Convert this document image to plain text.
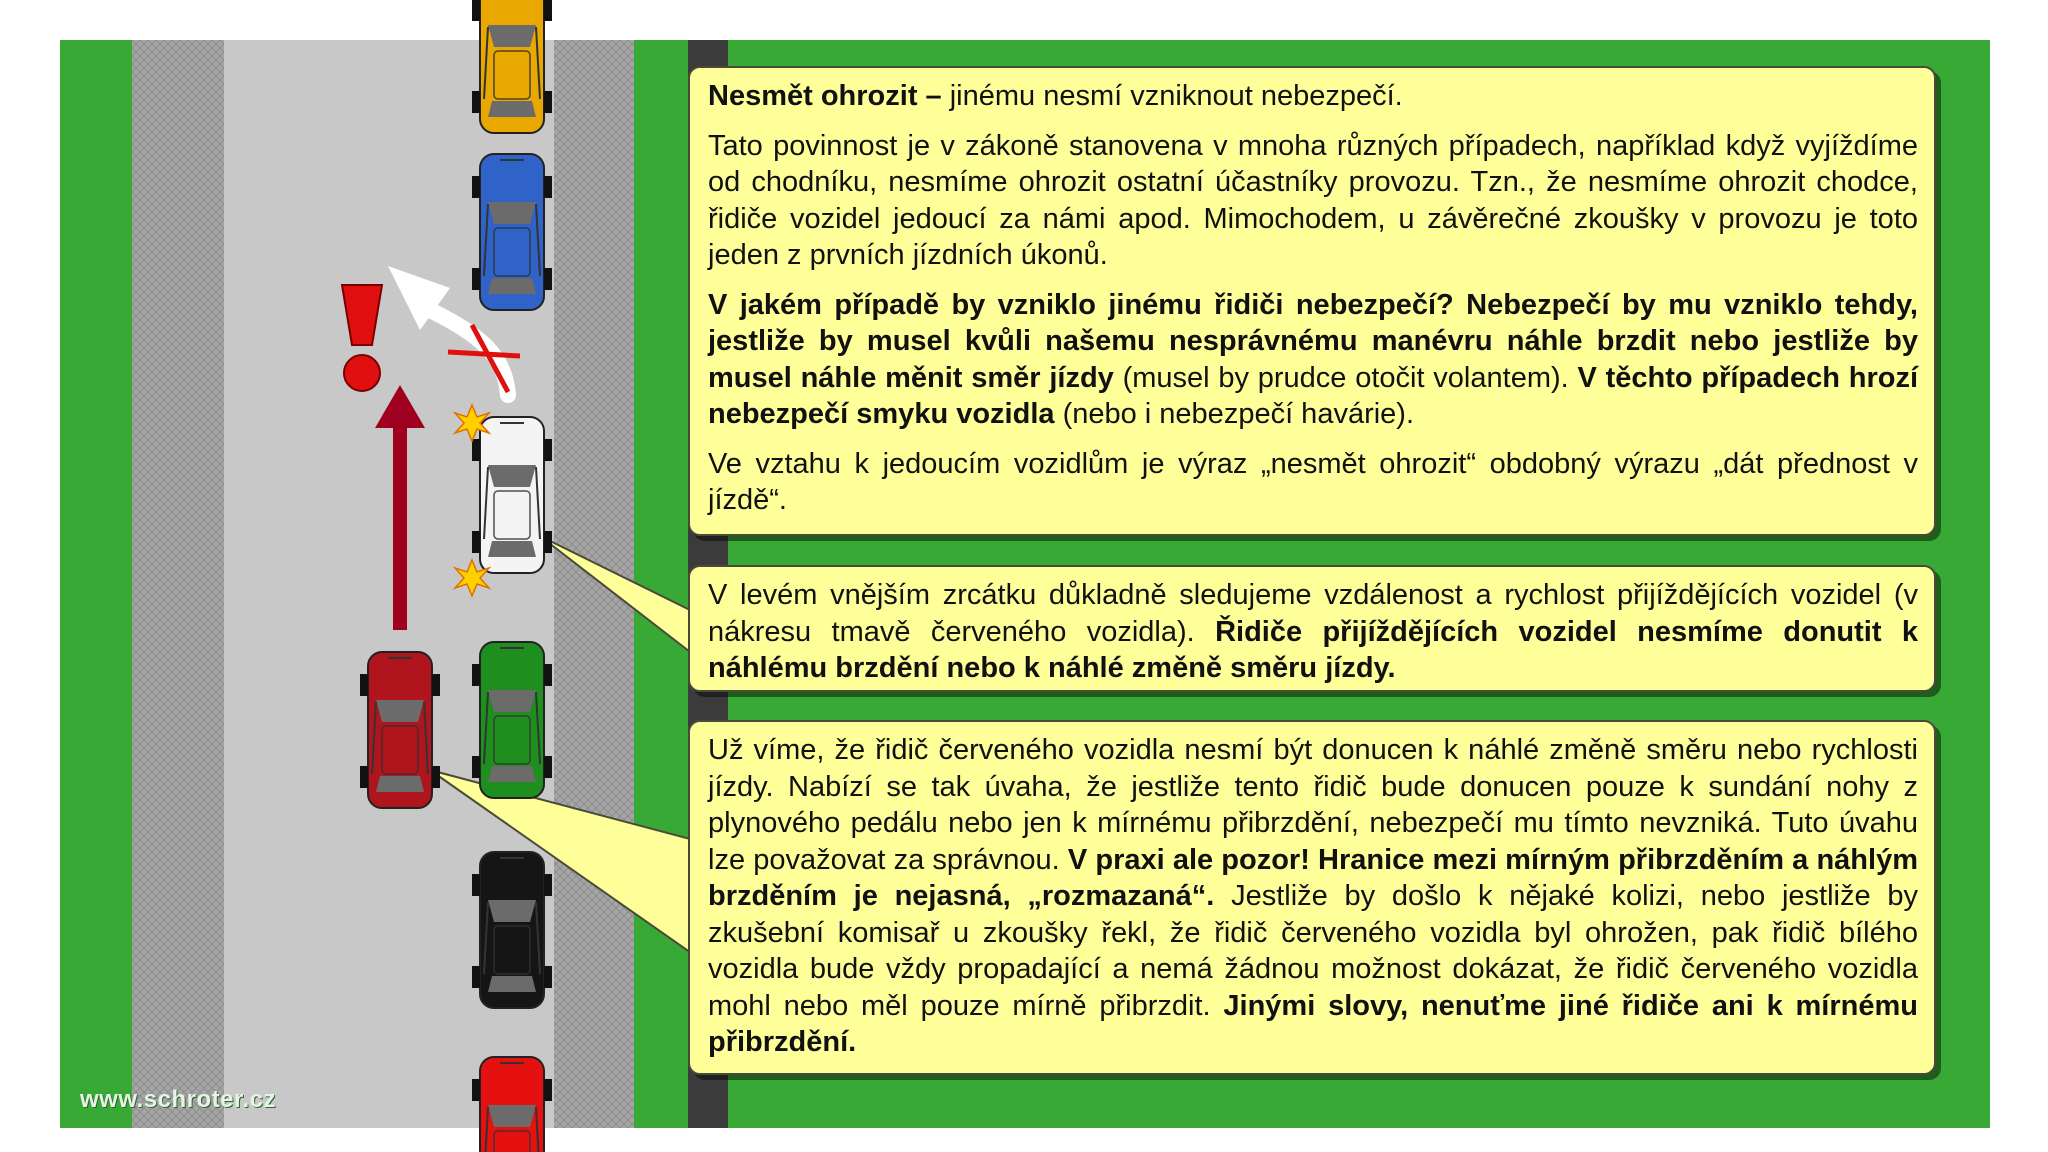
www.schroter.cz

Nesmět ohrozit – jinému nesmí vzniknout nebezpečí.

Tato povinnost je v zákoně stanovena v mnoha různých případech, například když vyjíždíme od chodníku, nesmíme ohrozit ostatní účastníky provozu. Tzn., že nesmíme ohrozit chodce, řidiče vozidel jedoucí za námi apod. Mimochodem, u závěrečné zkoušky v provozu je toto jeden z prvních jízdních úkonů.

V jakém případě by vzniklo jinému řidiči nebezpečí? Nebezpečí by mu vzniklo tehdy, jestliže by musel kvůli našemu nesprávnému manévru náhle brzdit nebo jestliže by musel náhle měnit směr jízdy (musel by prudce otočit volantem). V těchto případech hrozí nebezpečí smyku vozidla (nebo i nebezpečí havárie).

Ve vztahu k jedoucím vozidlům je výraz „nesmět ohrozit“ obdobný výrazu „dát přednost v jízdě“.

V levém vnějším zrcátku důkladně sledujeme vzdálenost a rychlost přijíždějících vozidel (v nákresu tmavě červeného vozidla). Řidiče přijíždějících vozidel nesmíme donutit k náhlému brzdění nebo k náhlé změně směru jízdy.

Už víme, že řidič červeného vozidla nesmí být donucen k náhlé změně směru nebo rychlosti jízdy. Nabízí se tak úvaha, že jestliže tento řidič bude donucen pouze k sundání nohy z plynového pedálu nebo jen k mírnému přibrzdění, nebezpečí mu tímto nevzniká. Tuto úvahu lze považovat za správnou. V praxi ale pozor! Hranice mezi mírným přibrzděním a náhlým brzděním je nejasná, „rozmazaná“. Jestliže by došlo k nějaké kolizi, nebo jestliže by zkušební komisař u zkoušky řekl, že řidič červeného vozidla byl ohrožen, pak řidič bílého vozidla bude vždy propadající a nemá žádnou možnost dokázat, že řidič červeného vozidla mohl nebo měl pouze mírně přibrzdit. Jinými slovy, nenuťme jiné řidiče ani k mírnému přibrzdění.
